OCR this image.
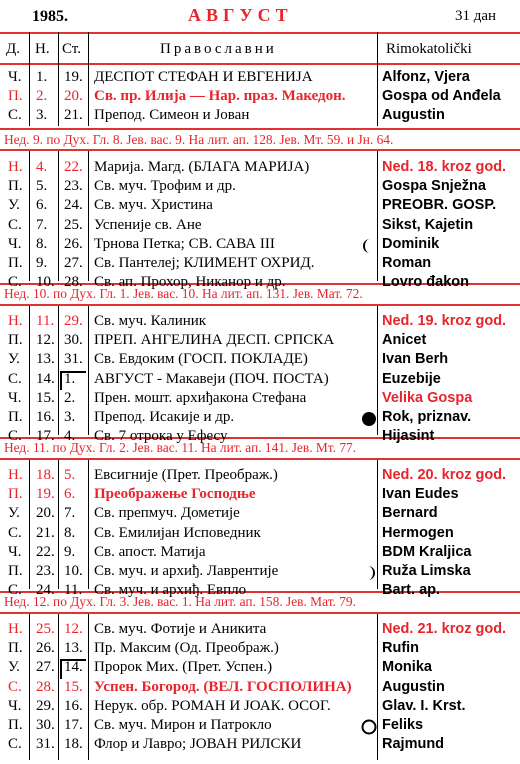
1985.	АВГУСТ	31 дан
Д. Н. Ст.	Православни	Rimokatolički
Ч. 1. 19. ДЕСПОТ СТЕФАН И ЕВГЕНИЈА	Alfonz, Vjera
П. 2. 20. Св. пр. Илија — Нар. праз. Македон.	Gospa od Anđela
С. 3. 21. Препод. Симеон и Јован	Augustin
Нед. 9. по Дух. Гл. 8. Јев. вас. 9. На лит. ап. 128. Јев. Мт. 59. и Јн. 64.
Н. 4. 22. Марија. Магд. (БЛАГА МАРИЈА)	Ned. 18. kroz god.
П. 5. 23. Св. муч. Трофим и др.	Gospa Snježna
У. 6. 24. Св. муч. Христина	PREOBR. GOSP.
С. 7. 25. Успеније св. Ане	Sikst, Kajetin
Ч. 8. 26. Трнова Петка; СВ. САВА III	Dominik
П. 9. 27. Св. Пантелеј; КЛИМЕНТ ОХРИД.	Roman
С. 10. 28. Св. ап. Прохор, Никанор и др.	Lovro đakon
Нед. 10. по Дух. Гл. 1. Јев. вас. 10. На лит. ап. 131. Јев. Мат. 72.
Н. 11. 29. Св. муч. Калиник	Ned. 19. kroz god.
П. 12. 30. ПРЕП. АНГЕЛИНА ДЕСП. СРПСКА	Anicet
У. 13. 31. Св. Евдоким (ГОСП. ПОКЛАДЕ)	Ivan Berh
С. 14. 1. АВГУСТ - Макавеји (ПОЧ. ПОСТА)	Euzebije
Ч. 15. 2. Прен. мошт. архиђакона Стефана	Velika Gospa
П. 16. 3. Препод. Исакије и др.	Rok, priznav.
С. 17. 4. Св. 7 отрока у Ефесу	Hijasint
Нед. 11. по Дух. Гл. 2. Јев. вас. 11. На лит. ап. 141. Јев. Мт. 77.
Н. 18. 5. Евсигније (Прет. Преображ.)	Ned. 20. kroz god.
П. 19. 6. Преображење Господње	Ivan Eudes
У. 20. 7. Св. препмуч. Дометије	Bernard
С. 21. 8. Св. Емилијан Исповедник	Hermogen
Ч. 22. 9. Св. апост. Матија	BDM Kraljica
П. 23. 10. Св. муч. и архиђ. Лаврентије	Ruža Limska
С. 24. 11. Св. муч. и архиђ. Евпло	Bart. ap.
Нед. 12. по Дух. Гл. 3. Јев. вас. 1. На лит. ап. 158. Јев. Мат. 79.
Н. 25. 12. Св. муч. Фотије и Аникита	Ned. 21. kroz god.
П. 26. 13. Пр. Максим (Од. Преображ.)	Rufin
У. 27. 14. Пророк Мих. (Прет. Успен.)	Monika
С. 28. 15. Успен. Богород. (ВЕЛ. ГОСПОЛИНА) Augustin
Ч. 29. 16. Нерук. обр. РОМАН И ЈОАК. ОСОГ.	Glav. I. Krst.
П. 30. 17. Св. муч. Мирон и Патрокло	Feliks
С. 31. 18. Флор и Лавро; ЈОВАН РИЛСКИ	Rajmund
